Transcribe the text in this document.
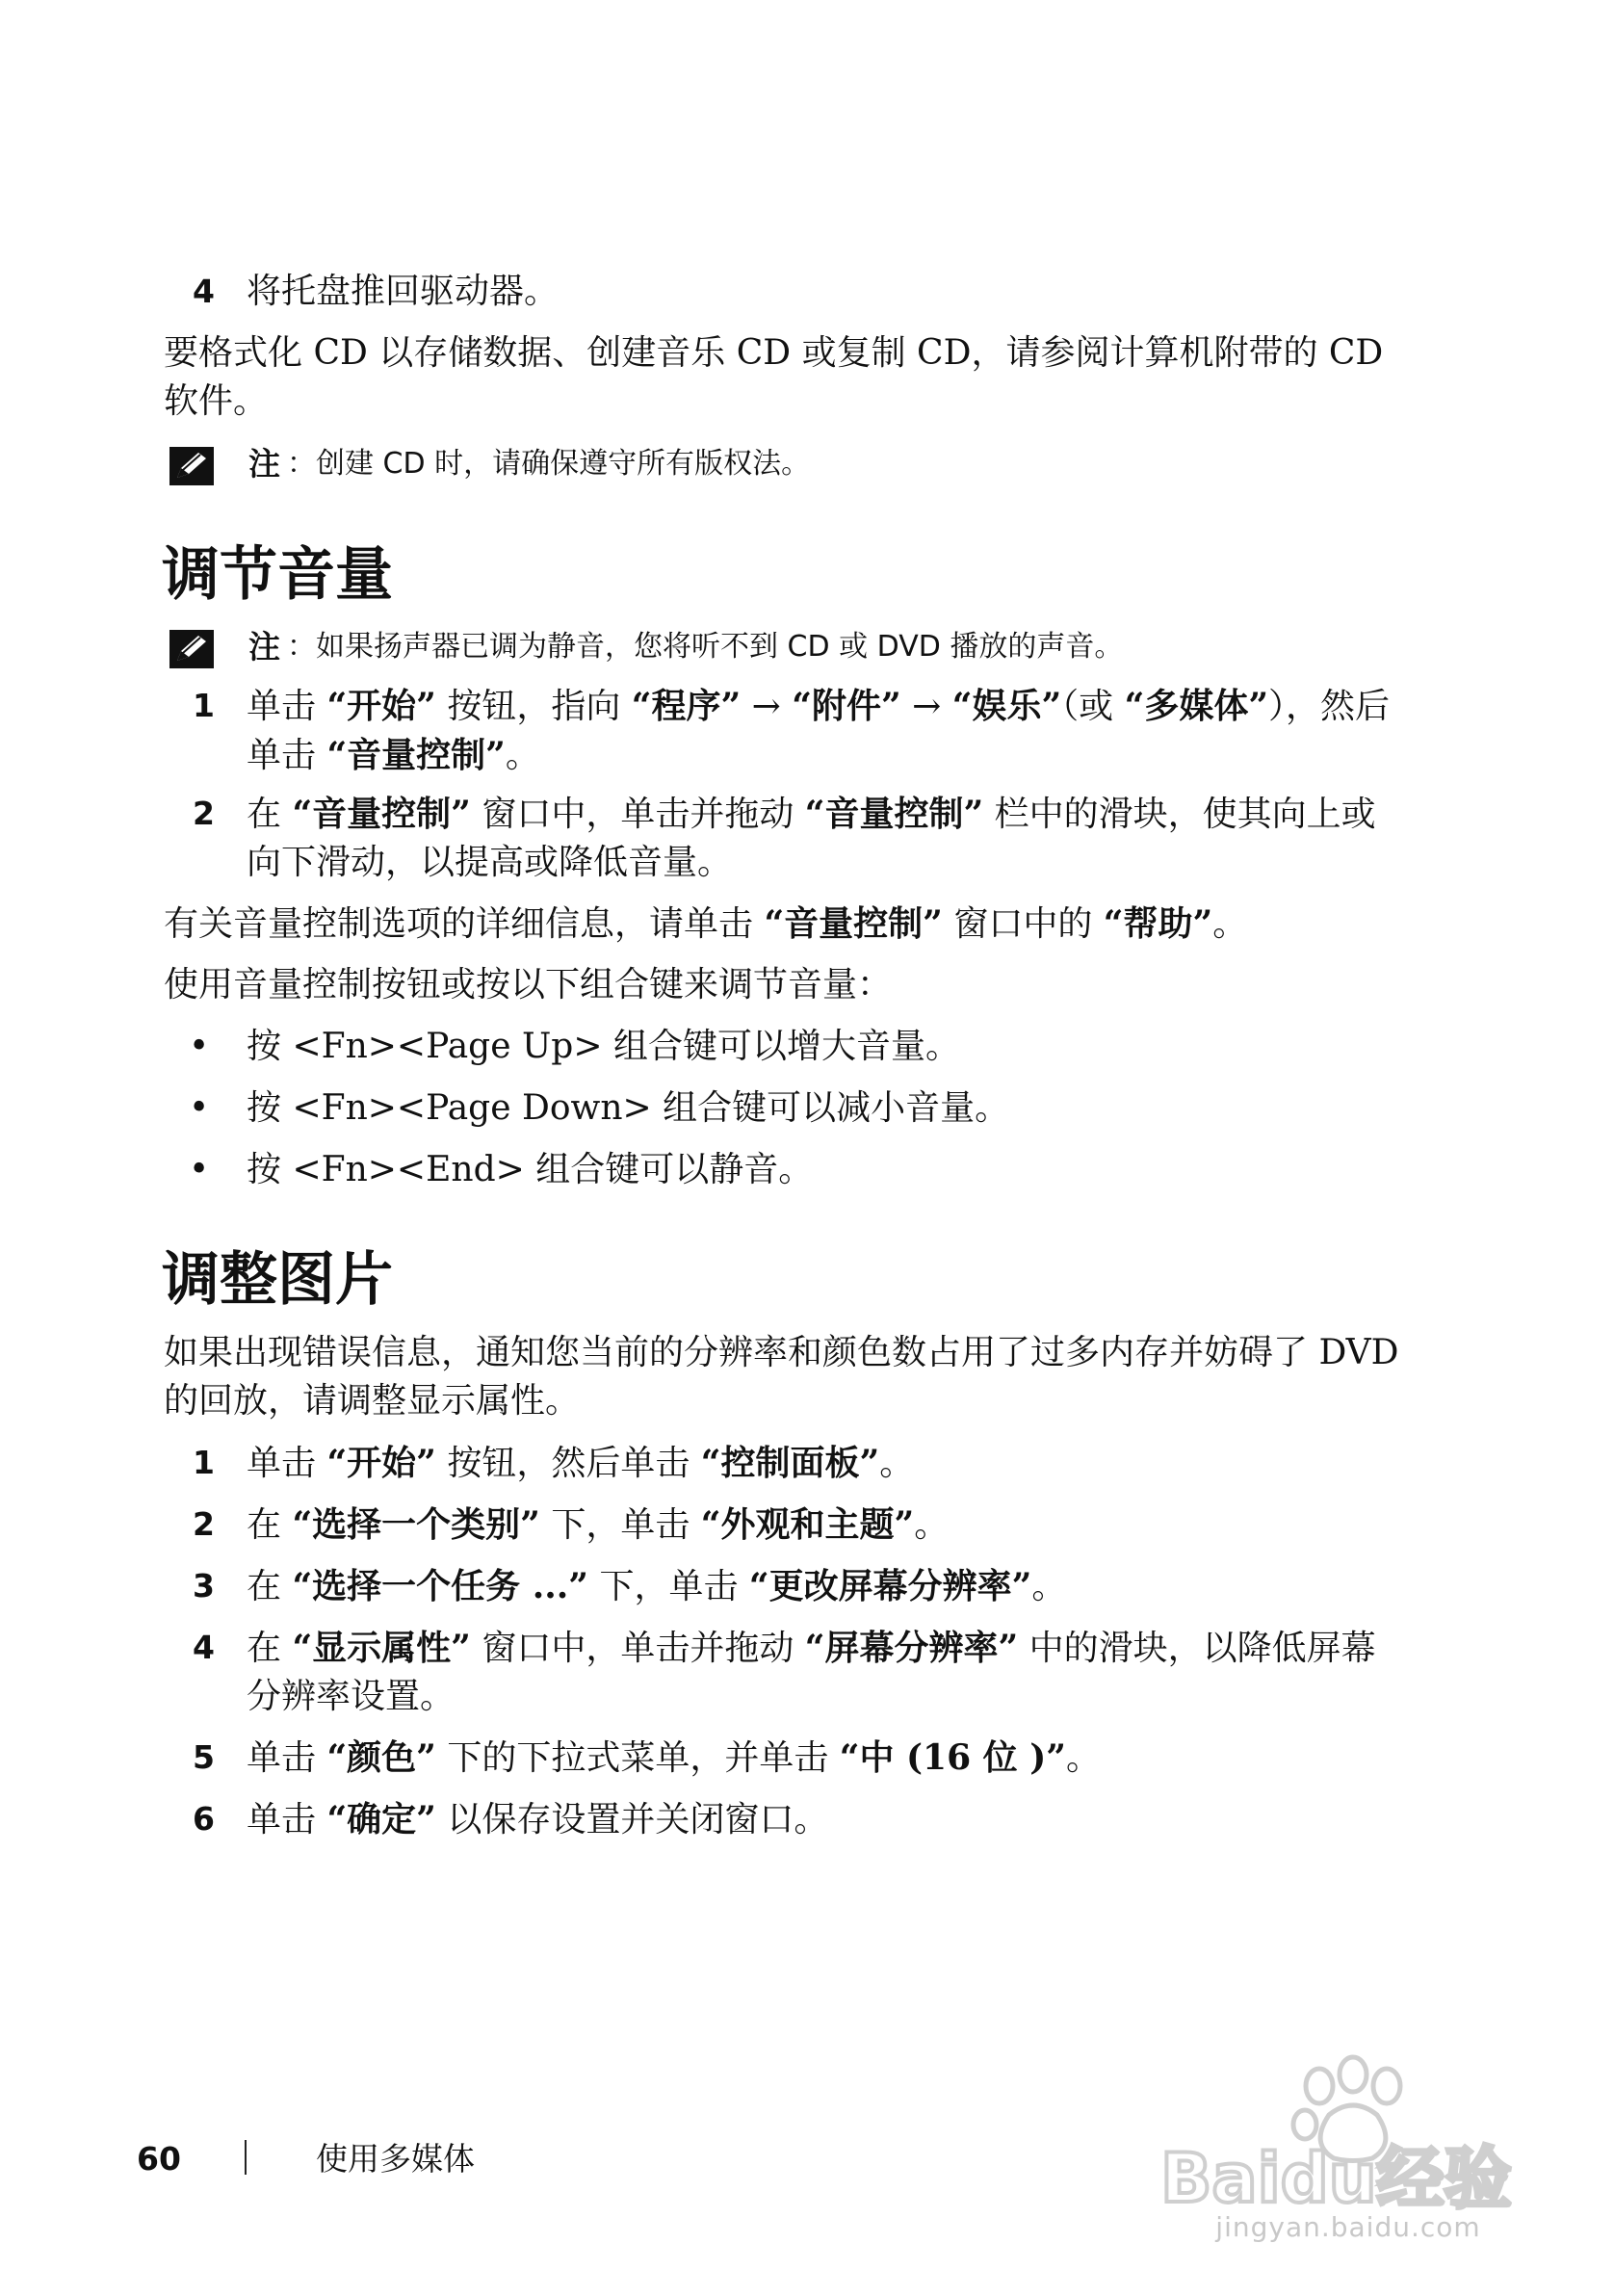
4 将托盘推回驱动器。

要格式化 CD 以存储数据、创建音乐 CD 或复制 CD，请参阅计算机附带的 CD 软件。

注 ：创建 CD 时，请确保遵守所有版权法。
调节音量
注 ：如果扬声器已调为静音，您将听不到 CD 或 DVD 播放的声音。
1 单击 “开始” 按钮，指向 “程序” → “附件” → “娱乐”（或 “多媒体”），然后单击 “音量控制”。
2 在 “音量控制” 窗口中，单击并拖动 “音量控制” 栏中的滑块，使其向上或向下滑动，以提高或降低音量。

有关音量控制选项的详细信息，请单击 “音量控制” 窗口中的 “帮助”。

使用音量控制按钮或按以下组合键来调节音量：

• 按 <Fn><Page Up> 组合键可以增大音量。
• 按 <Fn><Page Down> 组合键可以减小音量。
• 按 <Fn><End> 组合键可以静音。
调整图片

如果出现错误信息，通知您当前的分辨率和颜色数占用了过多内存并妨碍了 DVD 的回放，请调整显示属性。

1 单击 “开始” 按钮，然后单击 “控制面板”。
2 在 “选择一个类别” 下，单击 “外观和主题”。
3 在 “选择一个任务 ...” 下，单击 “更改屏幕分辨率”。
4 在 “显示属性” 窗口中，单击并拖动 “屏幕分辨率” 中的滑块，以降低屏幕分辨率设置。
5 单击 “颜色” 下的下拉式菜单，并单击 “中 (16 位 )”。
6 单击 “确定” 以保存设置并关闭窗口。
60	使用多媒体	Baidu经验
jingyan.baidu.com
